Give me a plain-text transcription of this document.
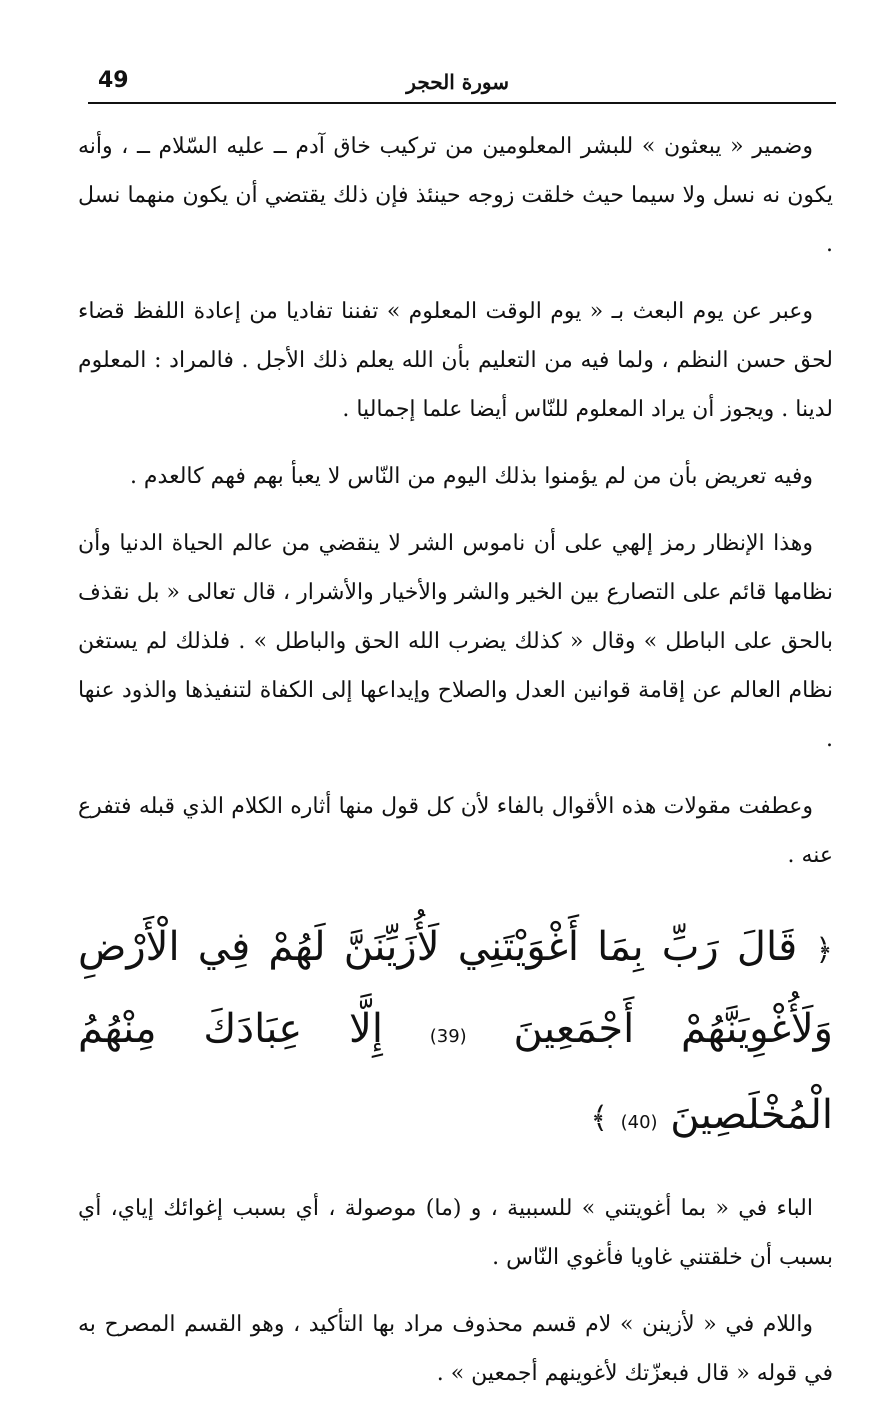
49	سورة الحجر

وضمير « يبعثون » للبشر المعلومين من تركيب خاق آدم ــ عليه السّلام ــ ، وأنه يكون نه نسل ولا سيما حيث خلقت زوجه حينئذ فإن ذلك يقتضي أن يكون منهما نسل .

وعبر عن يوم البعث بـ « يوم الوقت المعلوم » تفننا تفاديا من إعادة اللفظ قضاء لحق حسن النظم ، ولما فيه من التعليم بأن الله يعلم ذلك الأجل . فالمراد : المعلوم لدينا . ويجوز أن يراد المعلوم للنّاس أيضا علما إجماليا .

وفيه تعريض بأن من لم يؤمنوا بذلك اليوم من النّاس لا يعبأ بهم فهم كالعدم .

وهذا الإنظار رمز إلهي على أن ناموس الشر لا ينقضي من عالم الحياة الدنيا وأن نظامها قائم على التصارع بين الخير والشر والأخيار والأشرار ، قال تعالى « بل نقذف بالحق على الباطل » وقال « كذلك يضرب الله الحق والباطل » . فلذلك لم يستغن نظام العالم عن إقامة قوانين العدل والصلاح وإيداعها إلى الكفاة لتنفيذها والذود عنها .

وعطفت مقولات هذه الأقوال بالفاء لأن كل قول منها أثاره الكلام الذي قبله فتفرع عنه .

﴿ قَالَ رَبِّ بِمَا أَغْوَيْتَنِي لَأُزَيِّنَنَّ لَهُمْ فِي الْأَرْضِ وَلَأُغْوِيَنَّهُمْ أَجْمَعِينَ (39) إِلَّا عِبَادَكَ مِنْهُمُ الْمُخْلَصِينَ (40) ﴾

الباء في « بما أغويتني » للسببية ، و (ما) موصولة ، أي بسبب إغوائك إياي، أي بسبب أن خلقتني غاويا فأغوي النّاس .

واللام في « لأزينن » لام قسم محذوف مراد بها التأكيد ، وهو القسم المصرح به في قوله « قال فبعزّتك لأغوينهم أجمعين » .
